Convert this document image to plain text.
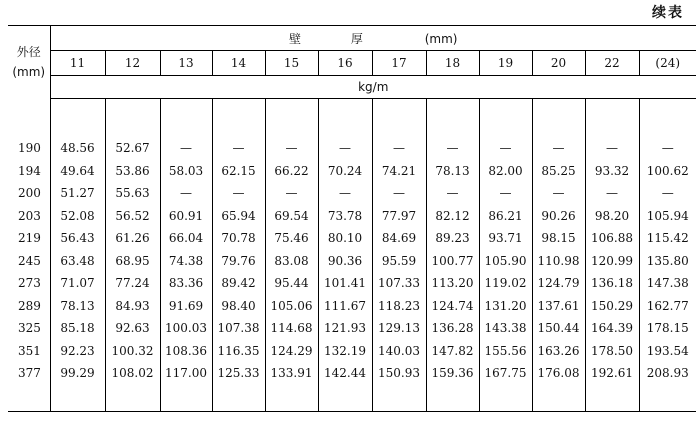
续表
外径
(mm)	壁 厚 (mm)											
	11	12	13	14	15	16	17	18	19	20	22	(24)
	kg/m											

190	48.56	52.67	—	—	—	—	—	—	—	—	—	—
194	49.64	53.86	58.03	62.15	66.22	70.24	74.21	78.13	82.00	85.25	93.32	100.62
200	51.27	55.63	—	—	—	—	—	—	—	—	—	—
203	52.08	56.52	60.91	65.94	69.54	73.78	77.97	82.12	86.21	90.26	98.20	105.94
219	56.43	61.26	66.04	70.78	75.46	80.10	84.69	89.23	93.71	98.15	106.88	115.42
245	63.48	68.95	74.38	79.76	83.08	90.36	95.59	100.77	105.90	110.98	120.99	135.80
273	71.07	77.24	83.36	89.42	95.44	101.41	107.33	113.20	119.02	124.79	136.18	147.38
289	78.13	84.93	91.69	98.40	105.06	111.67	118.23	124.74	131.20	137.61	150.29	162.77
325	85.18	92.63	100.03	107.38	114.68	121.93	129.13	136.28	143.38	150.44	164.39	178.15
351	92.23	100.32	108.36	116.35	124.29	132.19	140.03	147.82	155.56	163.26	178.50	193.54
377	99.29	108.02	117.00	125.33	133.91	142.44	150.93	159.36	167.75	176.08	192.61	208.93
